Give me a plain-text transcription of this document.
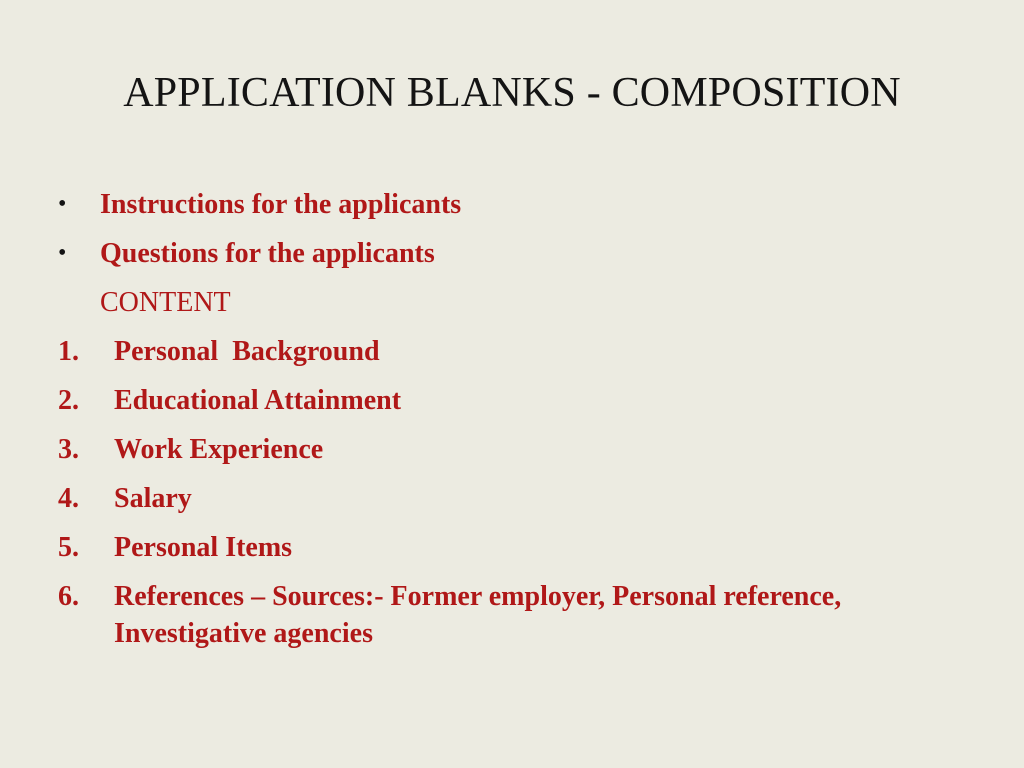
APPLICATION BLANKS - COMPOSITION
•	Instructions for the applicants
•	Questions for the applicants
CONTENT
1.	Personal  Background
2.	Educational Attainment
3.	Work Experience
4.	Salary
5.	Personal Items
6.	References – Sources:- Former employer, Personal reference, Investigative agencies
